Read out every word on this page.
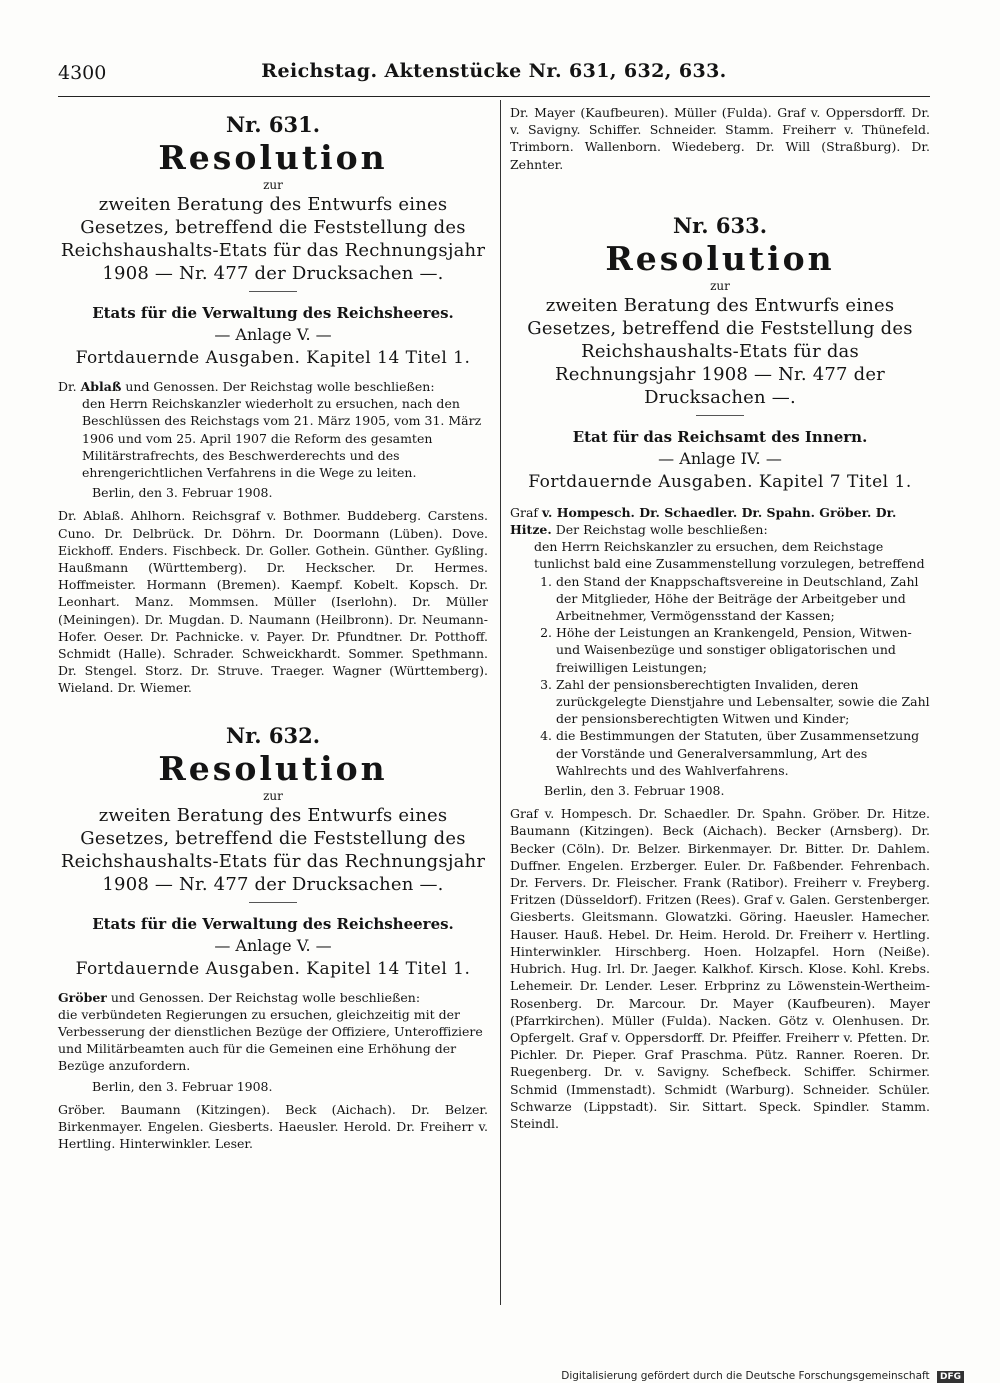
4300	Reichstag. Aktenstücke Nr. 631, 632, 633.
Nr. 631.
Resolution
zur
zweiten Beratung des Entwurfs eines Gesetzes, betreffend die Feststellung des Reichshaushalts-Etats für das Rechnungsjahr 1908 — Nr. 477 der Drucksachen —.
Etats für die Verwaltung des Reichsheeres.
— Anlage V. —
Fortdauernde Ausgaben. Kapitel 14 Titel 1.
Dr. Ablaß und Genossen. Der Reichstag wolle beschließen:
den Herrn Reichskanzler wiederholt zu ersuchen, nach den Beschlüssen des Reichstags vom 21. März 1905, vom 31. März 1906 und vom 25. April 1907 die Reform des gesamten Militärstrafrechts, des Beschwerderechts und des ehrengerichtlichen Verfahrens in die Wege zu leiten.
Berlin, den 3. Februar 1908.
Dr. Ablaß. Ahlhorn. Reichsgraf v. Bothmer. Buddeberg. Carstens. Cuno. Dr. Delbrück. Dr. Döhrn. Dr. Doormann (Lüben). Dove. Eickhoff. Enders. Fischbeck. Dr. Goller. Gothein. Günther. Gyßling. Haußmann (Württemberg). Dr. Heckscher. Dr. Hermes. Hoffmeister. Hormann (Bremen). Kaempf. Kobelt. Kopsch. Dr. Leonhart. Manz. Mommsen. Müller (Iserlohn). Dr. Müller (Meiningen). Dr. Mugdan. D. Naumann (Heilbronn). Dr. Neumann-Hofer. Oeser. Dr. Pachnicke. v. Payer. Dr. Pfundtner. Dr. Potthoff. Schmidt (Halle). Schrader. Schweickhardt. Sommer. Spethmann. Dr. Stengel. Storz. Dr. Struve. Traeger. Wagner (Württemberg). Wieland. Dr. Wiemer.
Nr. 632.
Resolution
zur
zweiten Beratung des Entwurfs eines Gesetzes, betreffend die Feststellung des Reichshaushalts-Etats für das Rechnungsjahr 1908 — Nr. 477 der Drucksachen —.
Etats für die Verwaltung des Reichsheeres.
— Anlage V. —
Fortdauernde Ausgaben. Kapitel 14 Titel 1.
Gröber und Genossen. Der Reichstag wolle beschließen:
die verbündeten Regierungen zu ersuchen, gleichzeitig mit der Verbesserung der dienstlichen Bezüge der Offiziere, Unteroffiziere und Militärbeamten auch für die Gemeinen eine Erhöhung der Bezüge anzufordern.
Berlin, den 3. Februar 1908.
Gröber. Baumann (Kitzingen). Beck (Aichach). Dr. Belzer. Birkenmayer. Engelen. Giesberts. Haeusler. Herold. Dr. Freiherr v. Hertling. Hinterwinkler. Leser.
Dr. Mayer (Kaufbeuren). Müller (Fulda). Graf v. Oppersdorff. Dr. v. Savigny. Schiffer. Schneider. Stamm. Freiherr v. Thünefeld. Trimborn. Wallenborn. Wiedeberg. Dr. Will (Straßburg). Dr. Zehnter.
Nr. 633.
Resolution
zur
zweiten Beratung des Entwurfs eines Gesetzes, betreffend die Feststellung des Reichshaushalts-Etats für das Rechnungsjahr 1908 — Nr. 477 der Drucksachen —.
Etat für das Reichsamt des Innern.
— Anlage IV. —
Fortdauernde Ausgaben. Kapitel 7 Titel 1.
Graf v. Hompesch. Dr. Schaedler. Dr. Spahn. Gröber. Dr. Hitze. Der Reichstag wolle beschließen:
den Herrn Reichskanzler zu ersuchen, dem Reichstage tunlichst bald eine Zusammenstellung vorzulegen, betreffend
1. den Stand der Knappschaftsvereine in Deutschland, Zahl der Mitglieder, Höhe der Beiträge der Arbeitgeber und Arbeitnehmer, Vermögensstand der Kassen;
2. Höhe der Leistungen an Krankengeld, Pension, Witwen- und Waisenbezüge und sonstiger obligatorischen und freiwilligen Leistungen;
3. Zahl der pensionsberechtigten Invaliden, deren zurückgelegte Dienstjahre und Lebensalter, sowie die Zahl der pensionsberechtigten Witwen und Kinder;
4. die Bestimmungen der Statuten, über Zusammensetzung der Vorstände und Generalversammlung, Art des Wahlrechts und des Wahlverfahrens.
Berlin, den 3. Februar 1908.
Graf v. Hompesch. Dr. Schaedler. Dr. Spahn. Gröber. Dr. Hitze. Baumann (Kitzingen). Beck (Aichach). Becker (Arnsberg). Dr. Becker (Cöln). Dr. Belzer. Birkenmayer. Dr. Bitter. Dr. Dahlem. Duffner. Engelen. Erzberger. Euler. Dr. Faßbender. Fehrenbach. Dr. Fervers. Dr. Fleischer. Frank (Ratibor). Freiherr v. Freyberg. Fritzen (Düsseldorf). Fritzen (Rees). Graf v. Galen. Gerstenberger. Giesberts. Gleitsmann. Glowatzki. Göring. Haeusler. Hamecher. Hauser. Hauß. Hebel. Dr. Heim. Herold. Dr. Freiherr v. Hertling. Hinterwinkler. Hirschberg. Hoen. Holzapfel. Horn (Neiße). Hubrich. Hug. Irl. Dr. Jaeger. Kalkhof. Kirsch. Klose. Kohl. Krebs. Lehemeir. Dr. Lender. Leser. Erbprinz zu Löwenstein-Wertheim-Rosenberg. Dr. Marcour. Dr. Mayer (Kaufbeuren). Mayer (Pfarrkirchen). Müller (Fulda). Nacken. Götz v. Olenhusen. Dr. Opfergelt. Graf v. Oppersdorff. Dr. Pfeiffer. Freiherr v. Pfetten. Dr. Pichler. Dr. Pieper. Graf Praschma. Pütz. Ranner. Roeren. Dr. Ruegenberg. Dr. v. Savigny. Schefbeck. Schiffer. Schirmer. Schmid (Immenstadt). Schmidt (Warburg). Schneider. Schüler. Schwarze (Lippstadt). Sir. Sittart. Speck. Spindler. Stamm. Steindl.
Digitalisierung gefördert durch die Deutsche Forschungsgemeinschaft DFG
